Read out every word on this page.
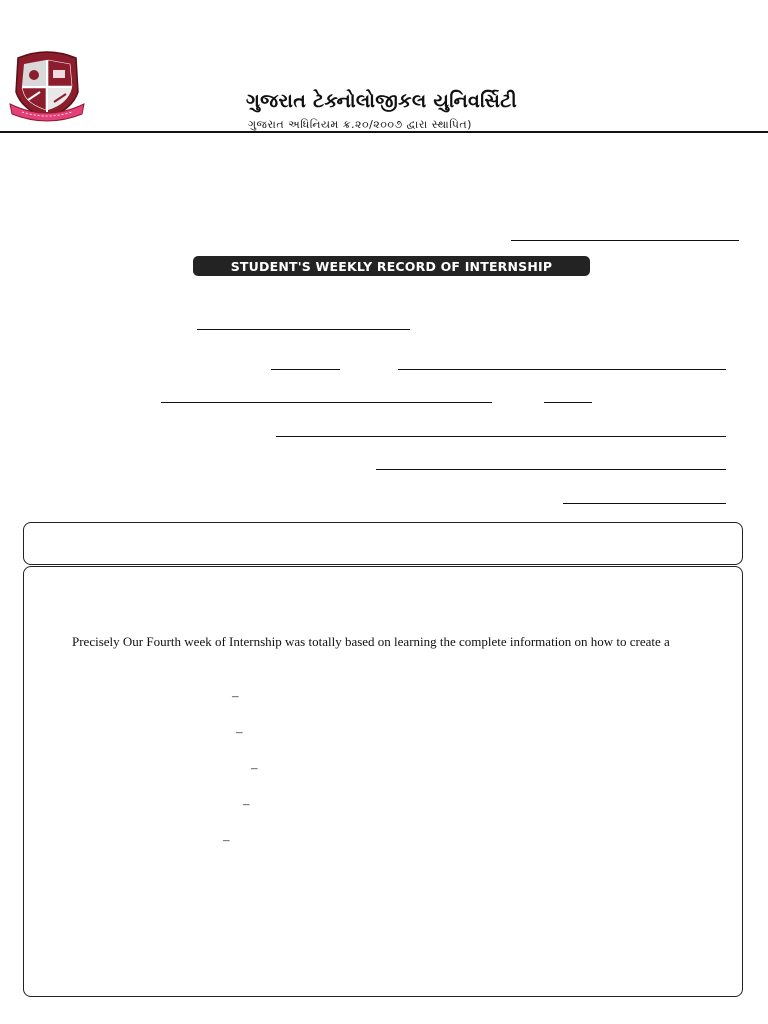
ગુજરાત ટેક્નોલોજીકલ યુનિવર્સિટી
ગુજરાત અધિનિયમ ક્ર.૨૦/૨૦૦૭ દ્વારા સ્થાપિત)
STUDENT'S WEEKLY RECORD OF INTERNSHIP
Precisely Our Fourth week of Internship was totally based on learning the complete information on how to create a
–
–
–
–
–
